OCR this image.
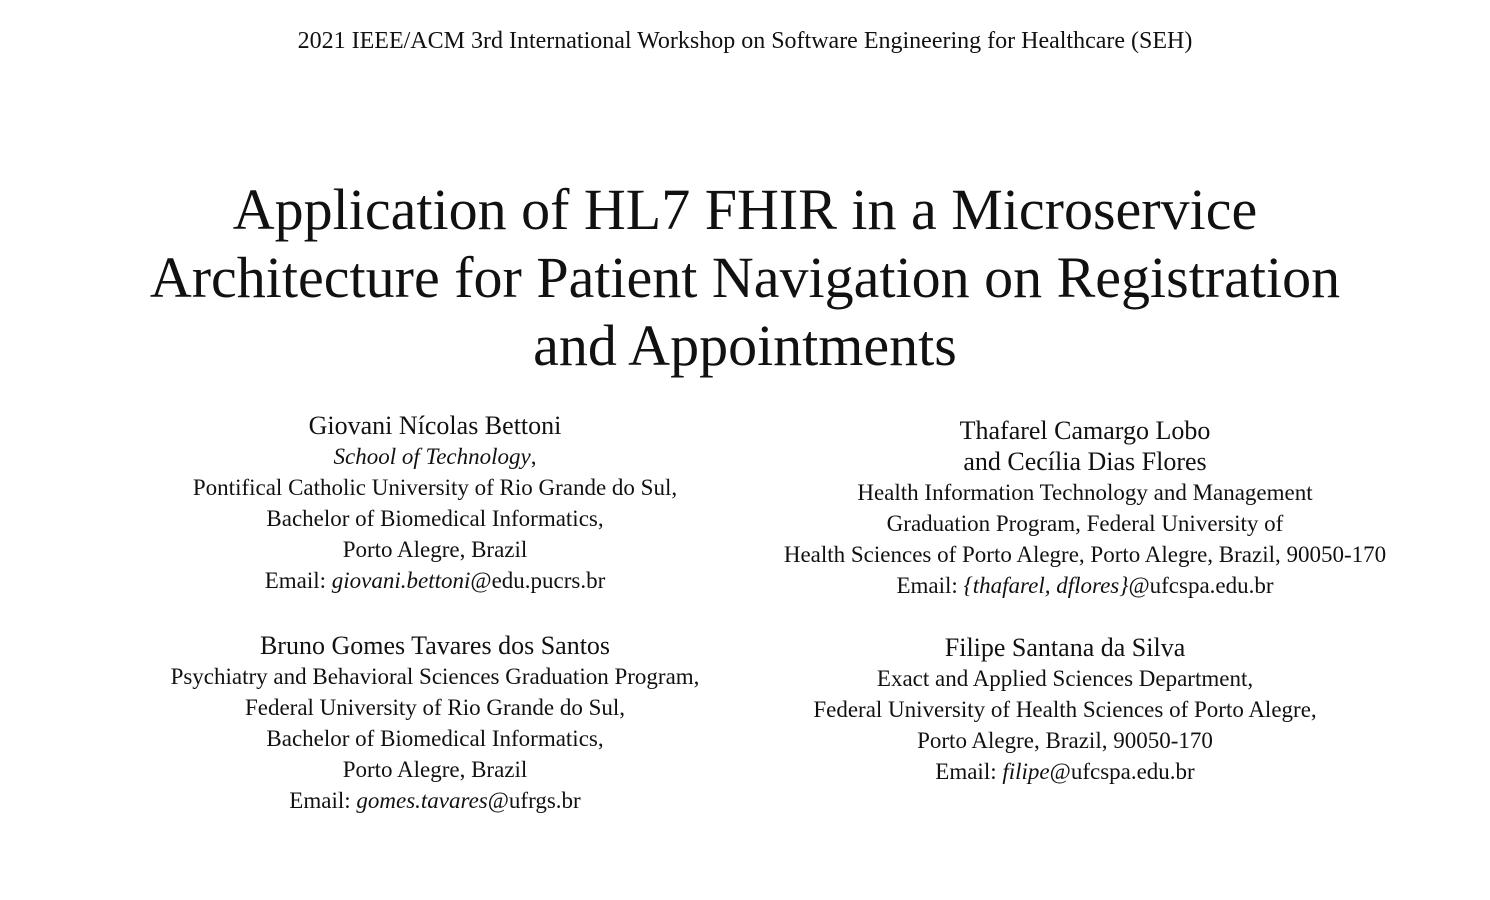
2021 IEEE/ACM 3rd International Workshop on Software Engineering for Healthcare (SEH)
Application of HL7 FHIR in a Microservice
Architecture for Patient Navigation on Registration
and Appointments
Giovani Nícolas Bettoni
School of Technology,
Pontifical Catholic University of Rio Grande do Sul,
Bachelor of Biomedical Informatics,
Porto Alegre, Brazil
Email: giovani.bettoni@edu.pucrs.br
Bruno Gomes Tavares dos Santos
Psychiatry and Behavioral Sciences Graduation Program,
Federal University of Rio Grande do Sul,
Bachelor of Biomedical Informatics,
Porto Alegre, Brazil
Email: gomes.tavares@ufrgs.br
Thafarel Camargo Lobo
and Cecília Dias Flores
Health Information Technology and Management
Graduation Program, Federal University of
Health Sciences of Porto Alegre, Porto Alegre, Brazil, 90050-170
Email: {thafarel, dflores}@ufcspa.edu.br
Filipe Santana da Silva
Exact and Applied Sciences Department,
Federal University of Health Sciences of Porto Alegre,
Porto Alegre, Brazil, 90050-170
Email: filipe@ufcspa.edu.br
